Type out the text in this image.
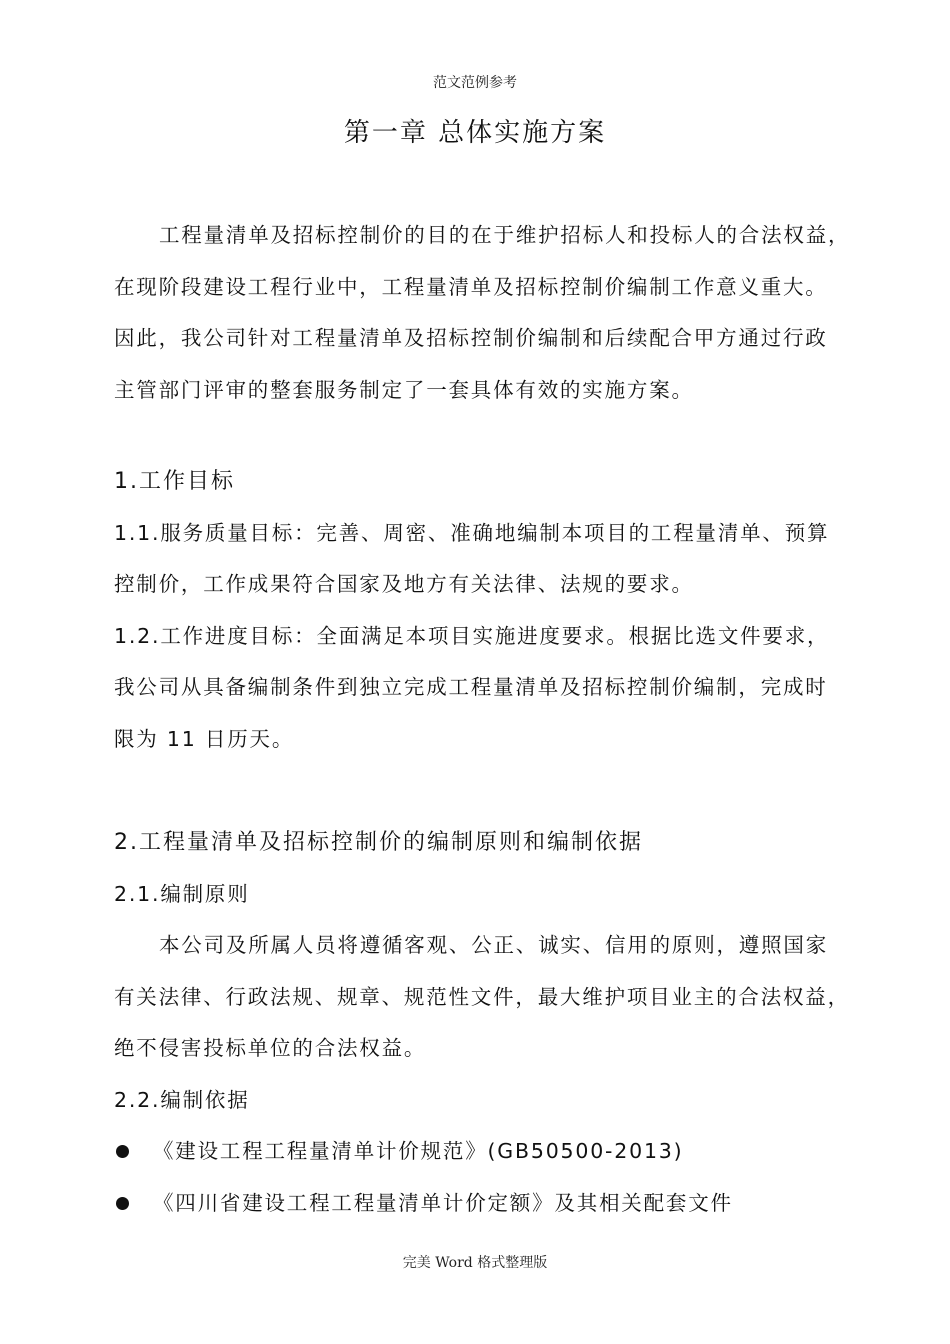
范文范例参考
第一章 总体实施方案

工程量清单及招标控制价的目的在于维护招标人和投标人的合法权益，

在现阶段建设工程行业中，工程量清单及招标控制价编制工作意义重大。

因此，我公司针对工程量清单及招标控制价编制和后续配合甲方通过行政

主管部门评审的整套服务制定了一套具体有效的实施方案。

1.工作目标

1.1.服务质量目标：完善、周密、准确地编制本项目的工程量清单、预算

控制价，工作成果符合国家及地方有关法律、法规的要求。

1.2.工作进度目标：全面满足本项目实施进度要求。根据比选文件要求，

我公司从具备编制条件到独立完成工程量清单及招标控制价编制，完成时

限为 11 日历天。

2.工程量清单及招标控制价的编制原则和编制依据

2.1.编制原则

本公司及所属人员将遵循客观、公正、诚实、信用的原则，遵照国家

有关法律、行政法规、规章、规范性文件，最大维护项目业主的合法权益，

绝不侵害投标单位的合法权益。

2.2.编制依据

《建设工程工程量清单计价规范》(GB50500-2013)

《四川省建设工程工程量清单计价定额》及其相关配套文件

完美 Word 格式整理版
